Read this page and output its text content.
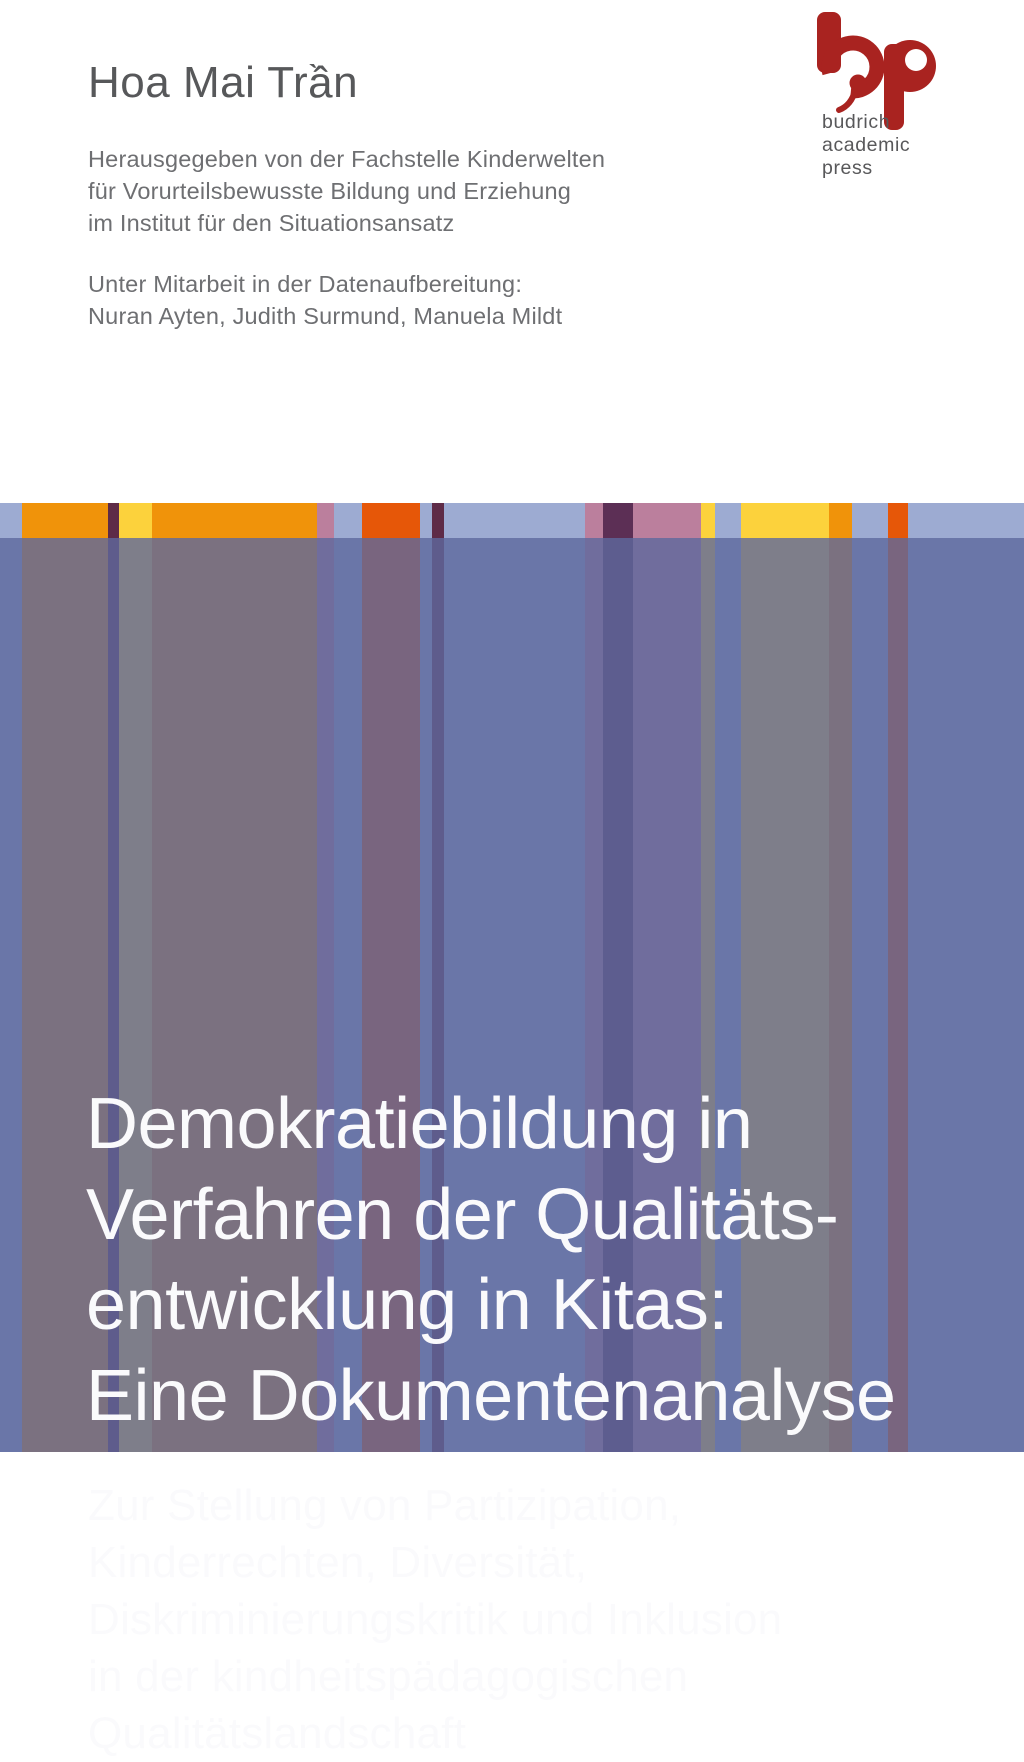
Hoa Mai Trần
Herausgegeben von der Fachstelle Kinderwelten
für Vorurteilsbewusste Bildung und Erziehung
im Institut für den Situationsansatz
Unter Mitarbeit in der Datenaufbereitung:
Nuran Ayten, Judith Surmund, Manuela Mildt
budrich
academic press
Demokratiebildung in
Verfahren der Qualitäts-
entwicklung in Kitas:
Eine Dokumentenanalyse
Zur Stellung von Partizipation,
Kinderrechten, Diversität,
Diskriminierungskritik und Inklusion
in der kindheitspädagogischen
Qualitätslandschaft
